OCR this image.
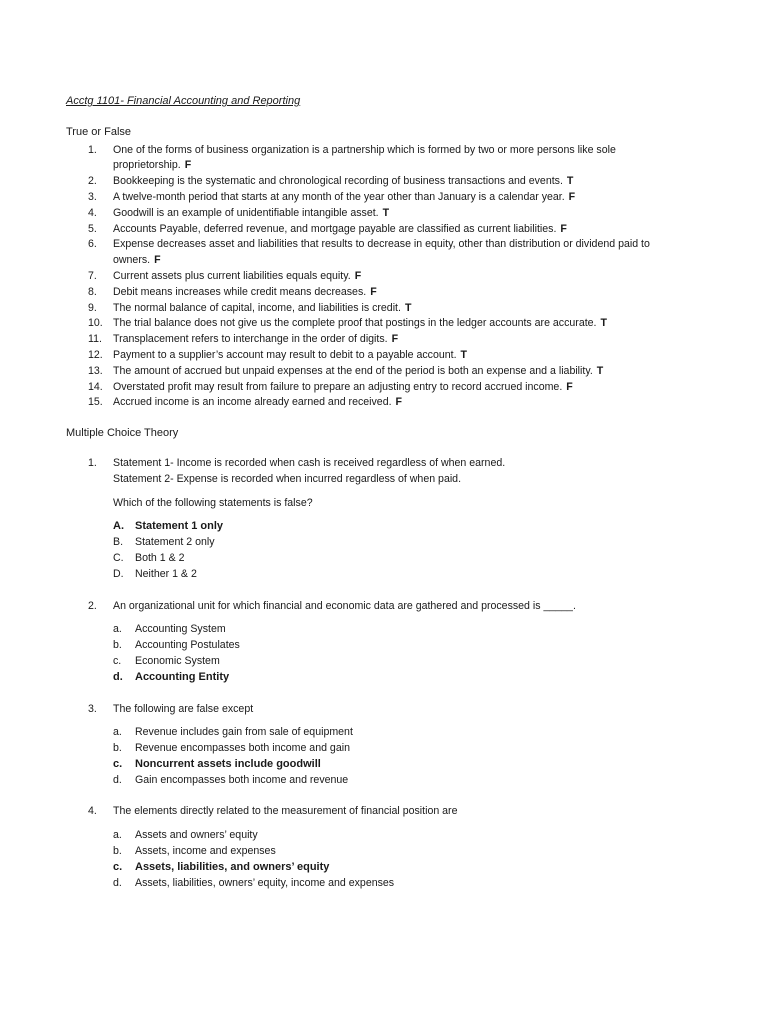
Acctg 1101- Financial Accounting and Reporting
True or False
1.	One of the forms of business organization is a partnership which is formed by two or more persons like sole
proprietorship. F
2.	Bookkeeping is the systematic and chronological recording of business transactions and events. T
3.	A twelve-month period that starts at any month of the year other than January is a calendar year. F
4.	Goodwill is an example of unidentifiable intangible asset. T
5.	Accounts Payable, deferred revenue, and mortgage payable are classified as current liabilities. F
6.	Expense decreases asset and liabilities that results to decrease in equity, other than distribution or dividend paid to
owners. F
7.	Current assets plus current liabilities equals equity. F
8.	Debit means increases while credit means decreases. F
9.	The normal balance of capital, income, and liabilities is credit. T
10. The trial balance does not give us the complete proof that postings in the ledger accounts are accurate. T
11.	Transplacement refers to interchange in the order of digits. F
12. Payment to a supplier’s account may result to debit to a payable account. T
13. The amount of accrued but unpaid expenses at the end of the period is both an expense and a liability. T
14. Overstated profit may result from failure to prepare an adjusting entry to record accrued income. F
15. Accrued income is an income already earned and received. F
Multiple Choice Theory
1. Statement 1- Income is recorded when cash is received regardless of when earned.
Statement 2- Expense is recorded when incurred regardless of when paid.
Which of the following statements is false?
A. Statement 1 only
B. Statement 2 only
C. Both 1 & 2
D. Neither 1 & 2
2. An organizational unit for which financial and economic data are gathered and processed is _____.
a. Accounting System
b. Accounting Postulates
c. Economic System
d. Accounting Entity
3. The following are false except
a. Revenue includes gain from sale of equipment
b. Revenue encompasses both income and gain
c. Noncurrent assets include goodwill
d. Gain encompasses both income and revenue
4. The elements directly related to the measurement of financial position are
a. Assets and owners’ equity
b. Assets, income and expenses
c. Assets, liabilities, and owners’ equity
d. Assets, liabilities, owners’ equity, income and expenses
